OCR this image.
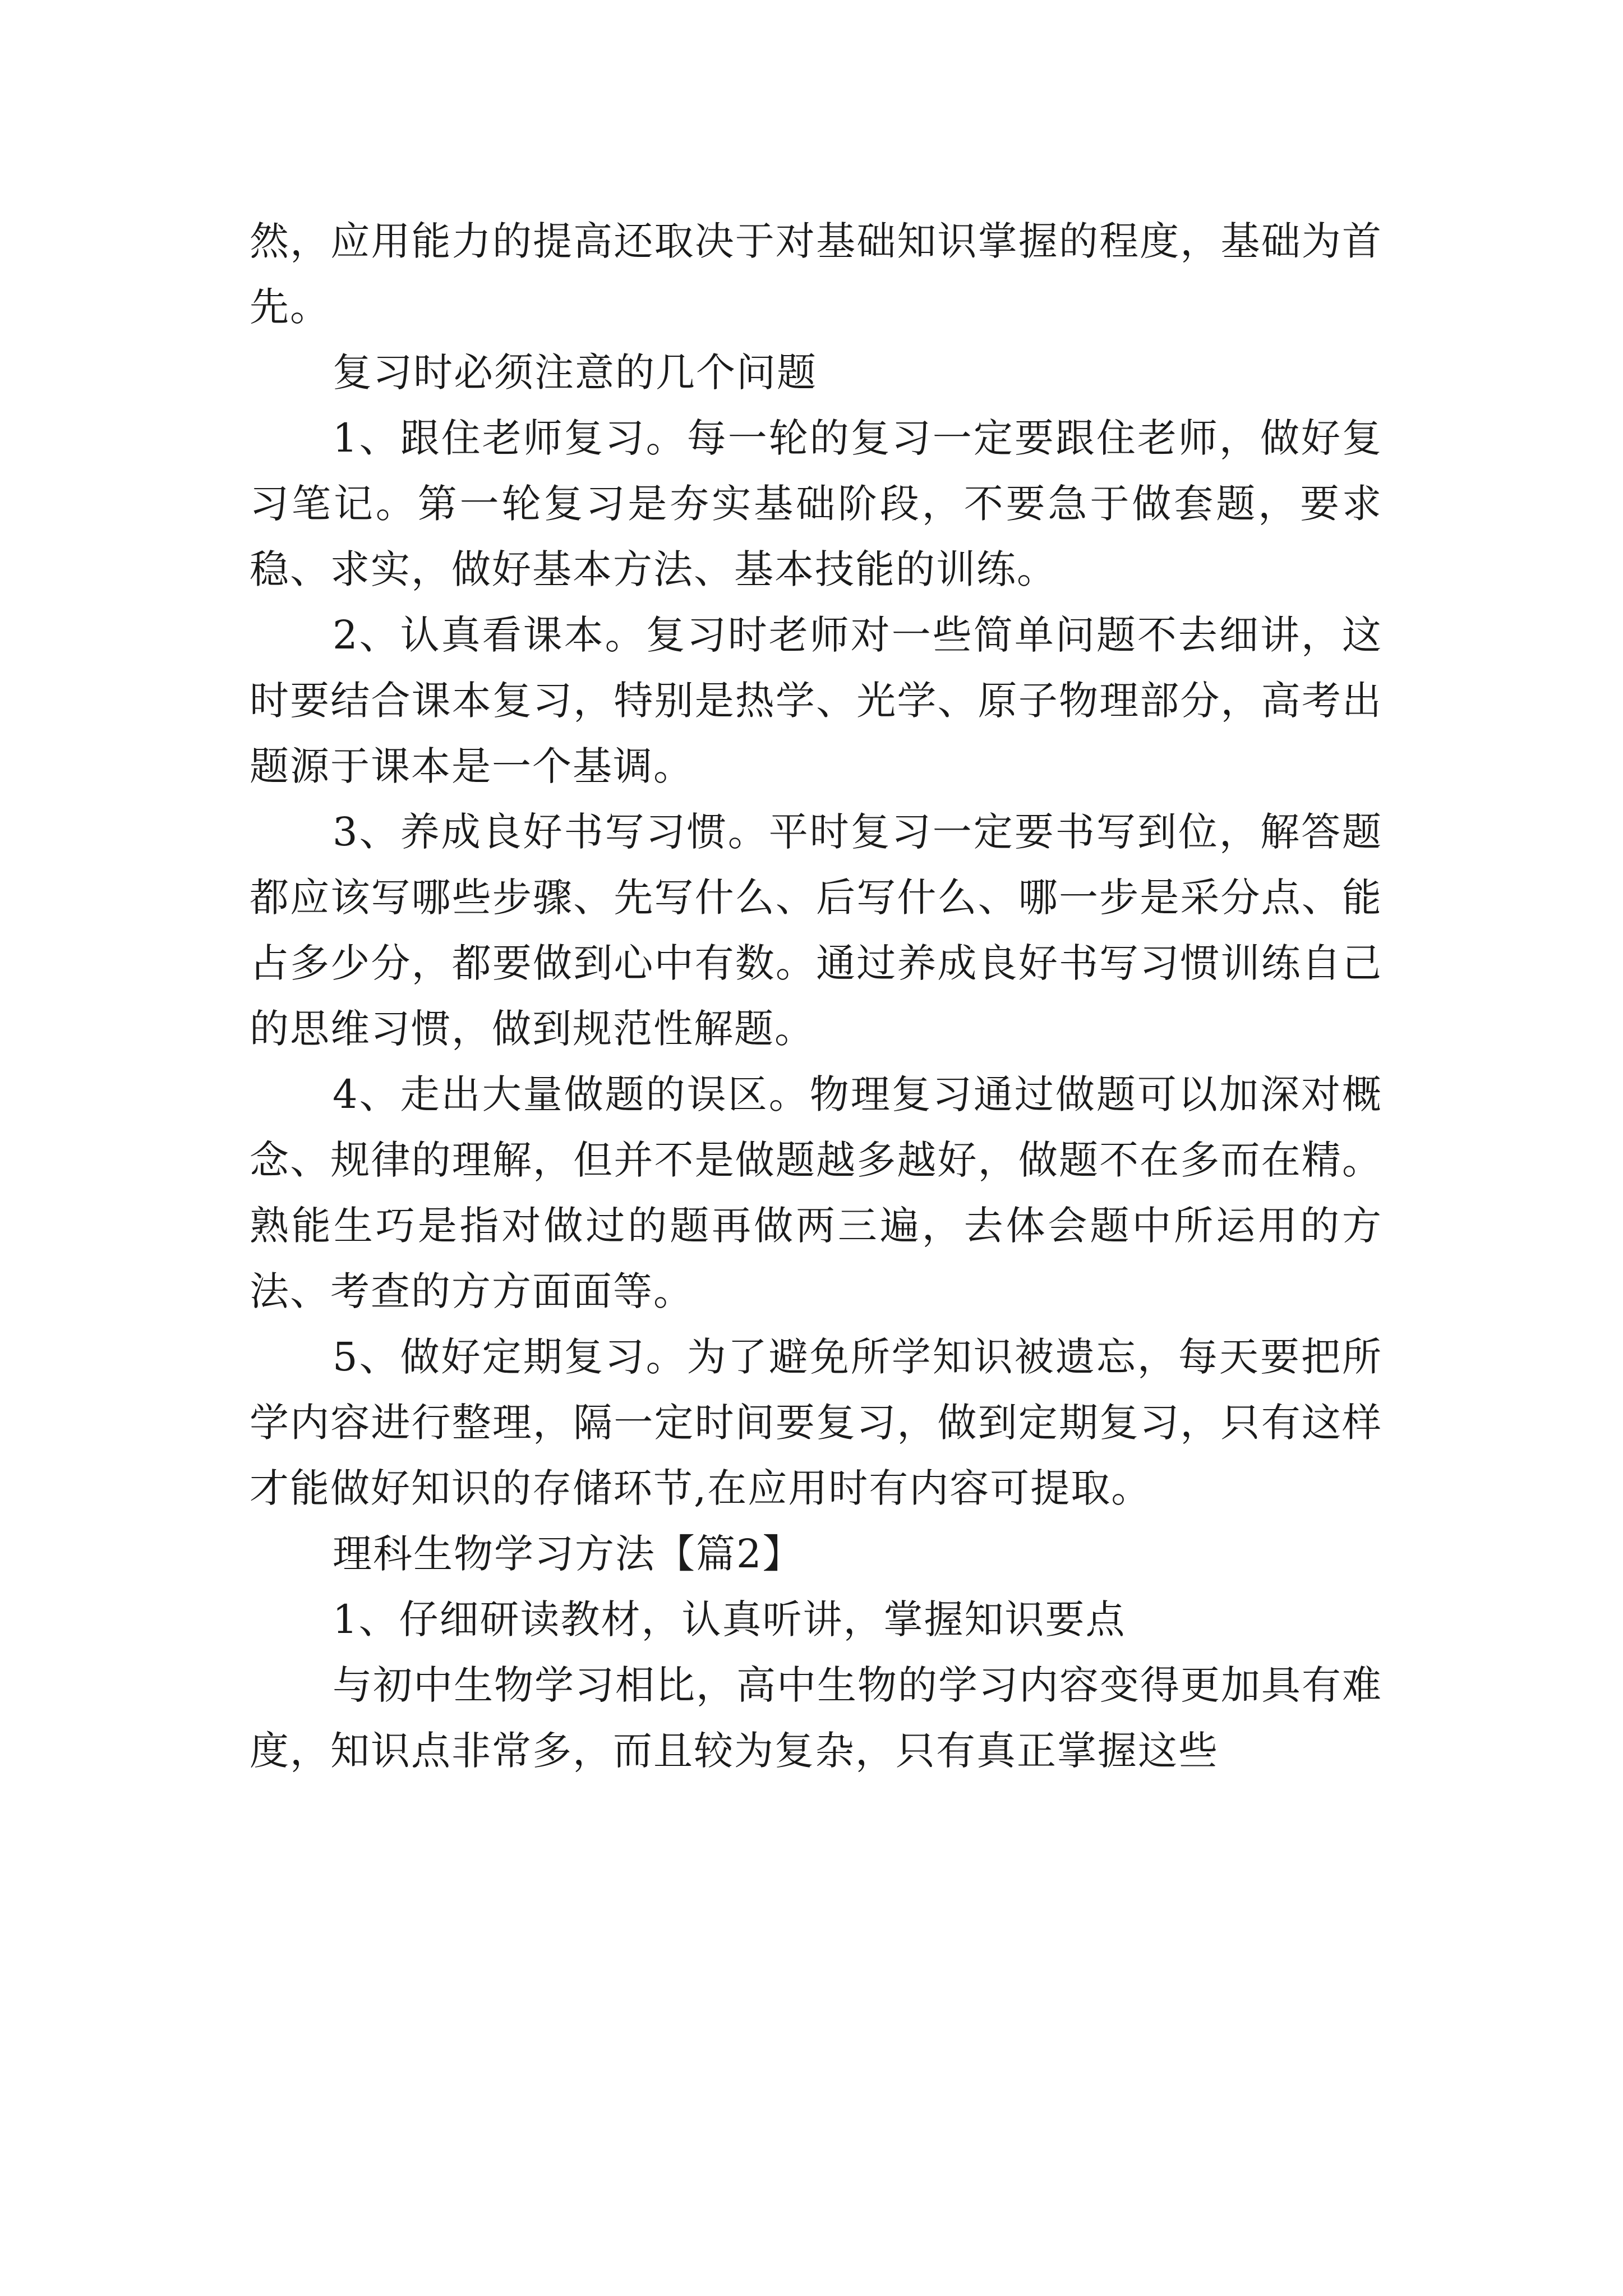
然，应用能力的提高还取决于对基础知识掌握的程度，基础为首先。

复习时必须注意的几个问题

1、跟住老师复习。每一轮的复习一定要跟住老师，做好复习笔记。第一轮复习是夯实基础阶段，不要急于做套题，要求稳、求实，做好基本方法、基本技能的训练。

2、认真看课本。复习时老师对一些简单问题不去细讲，这时要结合课本复习，特别是热学、光学、原子物理部分，高考出题源于课本是一个基调。

3、养成良好书写习惯。平时复习一定要书写到位，解答题都应该写哪些步骤、先写什么、后写什么、哪一步是采分点、能占多少分，都要做到心中有数。通过养成良好书写习惯训练自己的思维习惯，做到规范性解题。

4、走出大量做题的误区。物理复习通过做题可以加深对概念、规律的理解，但并不是做题越多越好，做题不在多而在精。熟能生巧是指对做过的题再做两三遍，去体会题中所运用的方法、考查的方方面面等。

5、做好定期复习。为了避免所学知识被遗忘，每天要把所学内容进行整理，隔一定时间要复习，做到定期复习，只有这样才能做好知识的存储环节,在应用时有内容可提取。

理科生物学习方法【篇2】

1、仔细研读教材，认真听讲，掌握知识要点

与初中生物学习相比，高中生物的学习内容变得更加具有难度，知识点非常多，而且较为复杂，只有真正掌握这些
